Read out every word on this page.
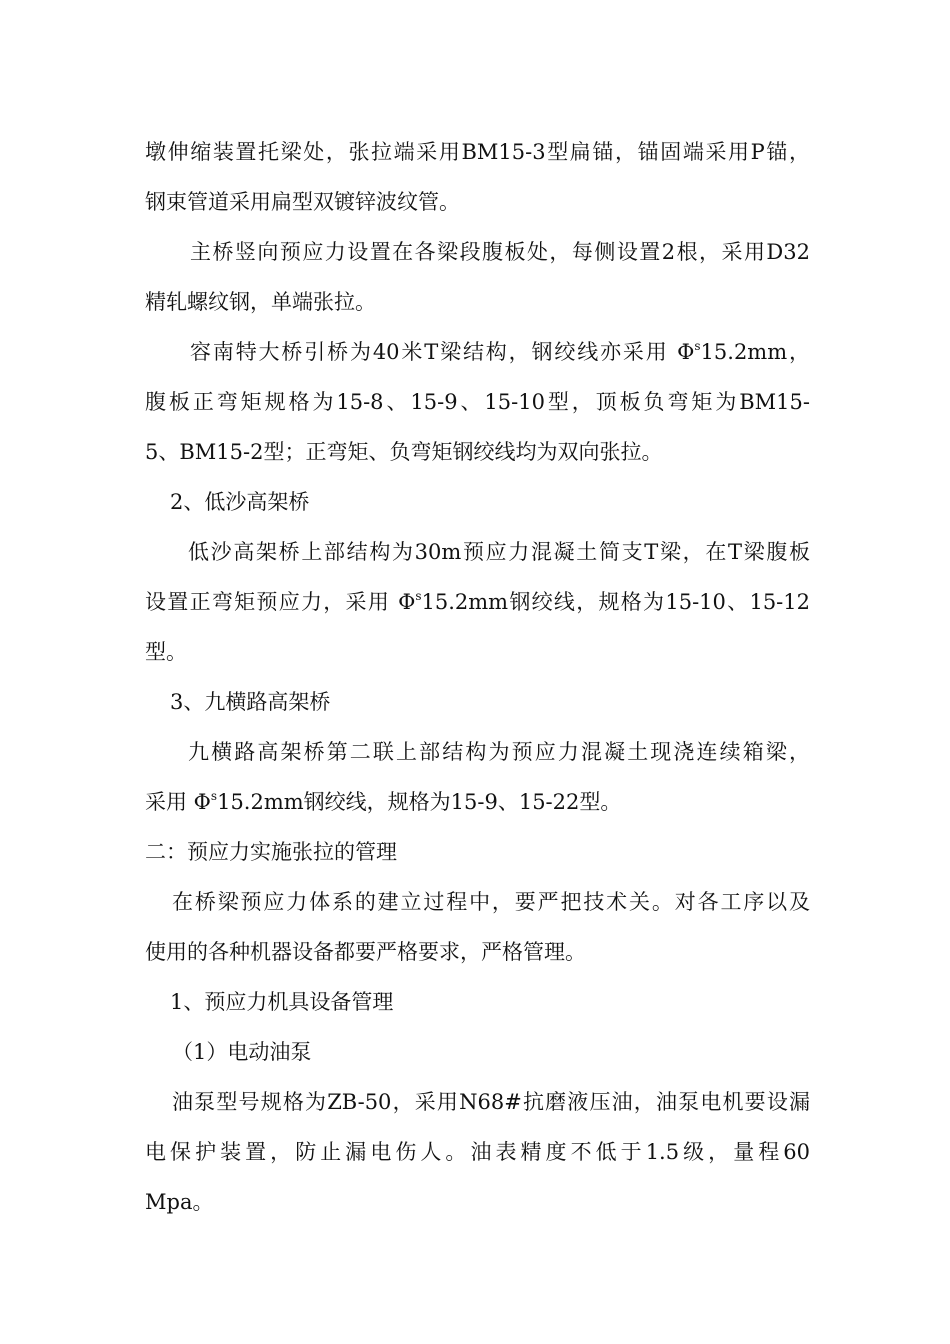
墩伸缩装置托梁处，张拉端采用BM15-3型扁锚，锚固端采用P锚，
钢束管道采用扁型双镀锌波纹管。
主桥竖向预应力设置在各梁段腹板处，每侧设置2根，采用D32
精轧螺纹钢，单端张拉。
容南特大桥引桥为40米T梁结构，钢绞线亦采用 $\Phi^s15.2mm$，
腹板正弯矩规格为15-8、15-9、15-10型，顶板负弯矩为BM15-
5、BM15-2型；正弯矩、负弯矩钢绞线均为双向张拉。
2、低沙高架桥
低沙高架桥上部结构为30m预应力混凝土简支T梁，在T梁腹板
设置正弯矩预应力，采用 $\Phi^s15.2mm$钢绞线，规格为15-10、15-12
型。
3、九横路高架桥
九横路高架桥第二联上部结构为预应力混凝土现浇连续箱梁，
采用 $\Phi^s15.2mm$钢绞线，规格为15-9、15-22型。
二：预应力实施张拉的管理
在桥梁预应力体系的建立过程中，要严把技术关。对各工序以及
使用的各种机器设备都要严格要求，严格管理。
1、预应力机具设备管理
（1）电动油泵
油泵型号规格为ZB-50，采用N68#抗磨液压油，油泵电机要设漏
电保护装置，防止漏电伤人。油表精度不低于1.5级，量程60
Mpa。
